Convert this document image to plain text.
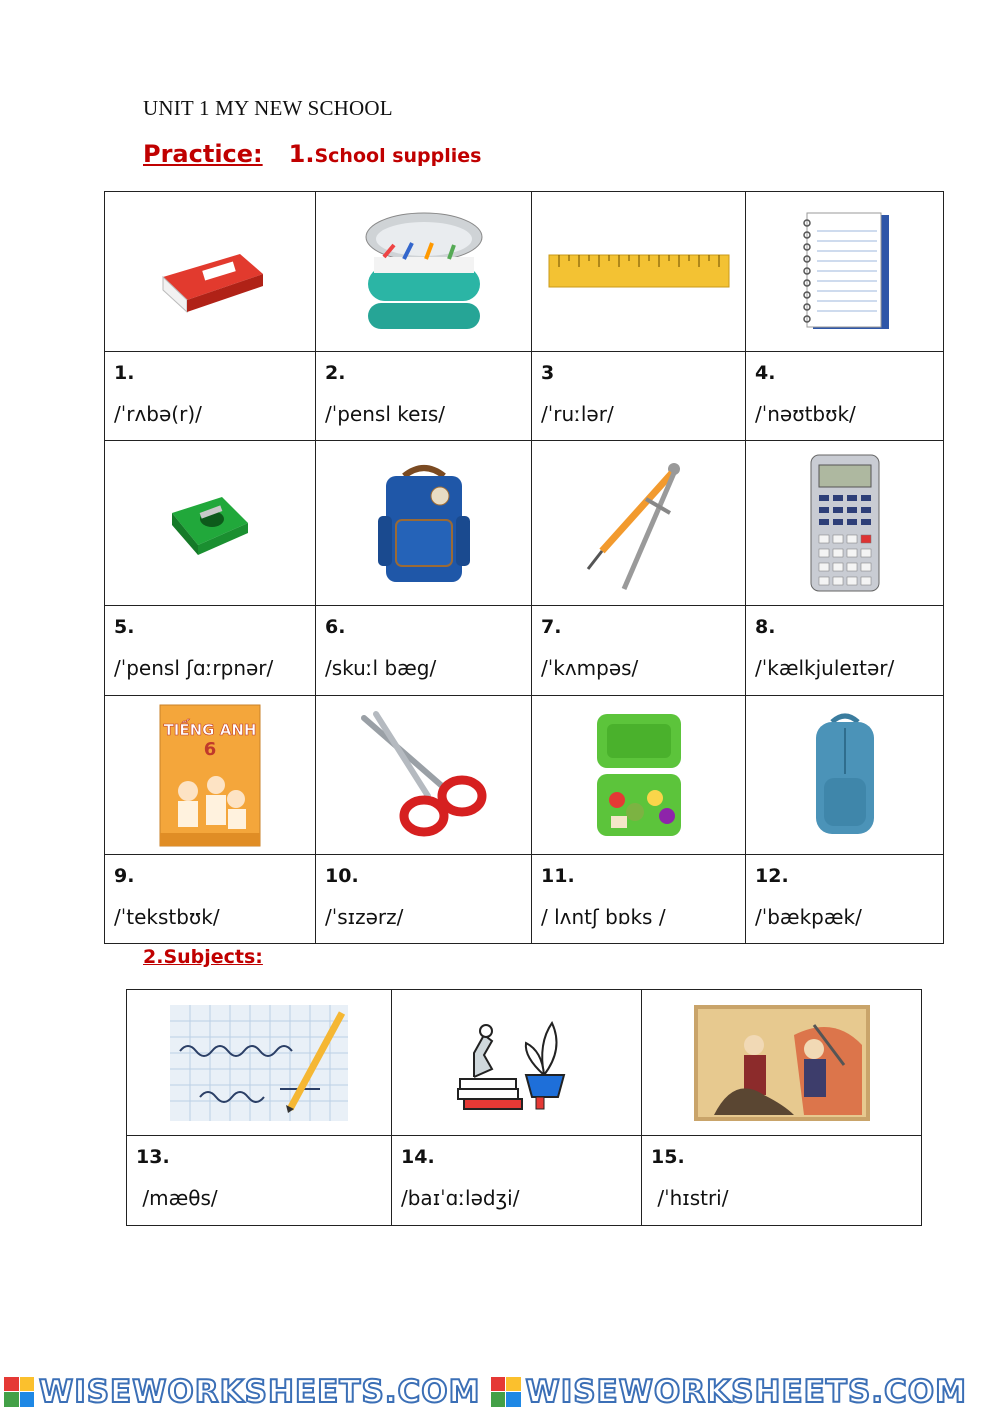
UNIT 1 MY NEW SCHOOL
Practice: 1.School supplies

1.
/ˈrʌbə(r)/	2.
/ˈpensl keɪs/	3
/ˈruːlər/	4.
/ˈnəʊtbʊk/

5.
/ˈpensl ʃɑːrpnər/	6.
/skuːl bæg/	7.
/ˈkʌmpəs/	8.
/ˈkælkjuleɪtər/

TIẾNG ANH
6

9.
/ˈtekstbʊk/	10.
/ˈsɪzərz/	11.
/ lʌntʃ bɒks /	12.
/ˈbækpæk/
2.Subjects:

13.
/mæθs/	14.
/baɪˈɑːlədʒi/	15.
/ˈhɪstri/
WISEWORKSHEETS.COM WISEWORKSHEETS.COM
